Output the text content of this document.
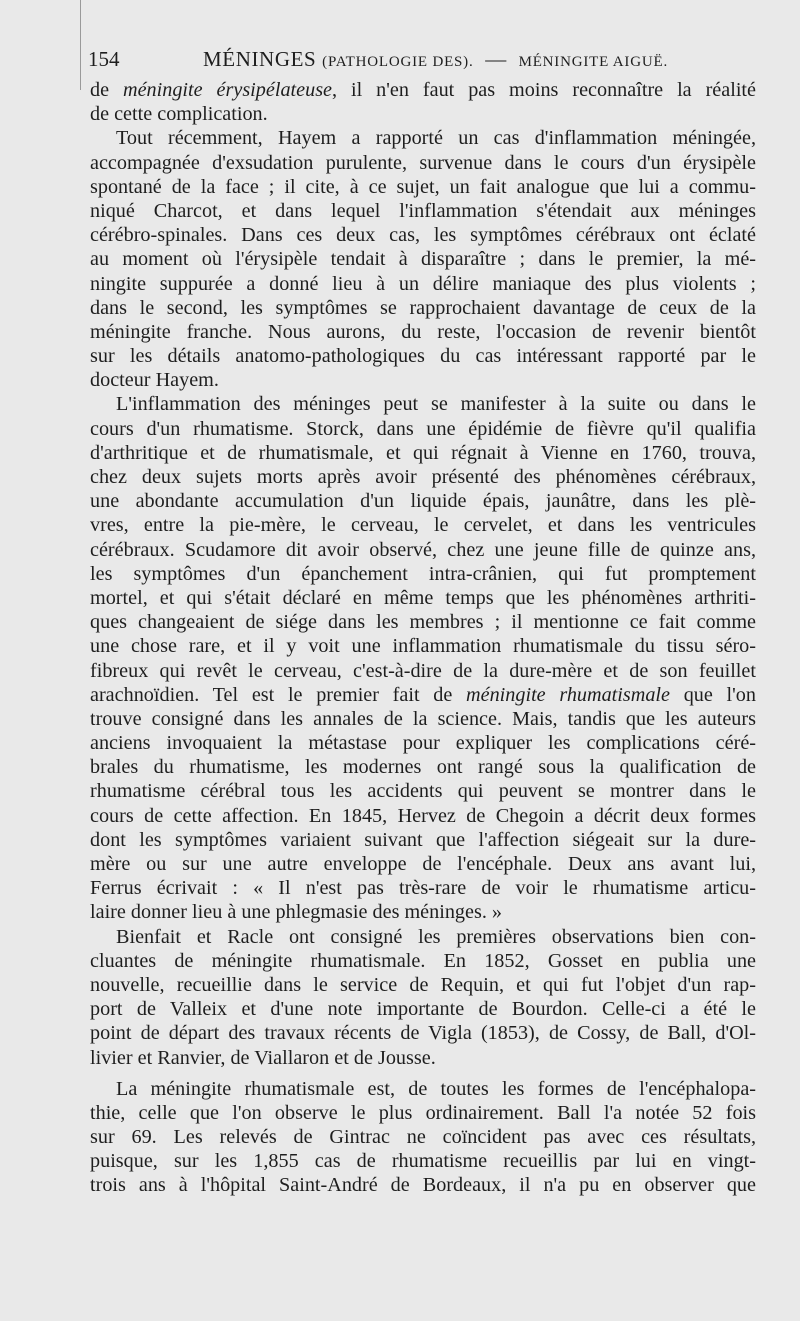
154	MÉNINGES (PATHOLOGIE DES). — MÉNINGITE AIGUË.
de méningite érysipélateuse, il n'en faut pas moins reconnaître la réalité
de cette complication.
Tout récemment, Hayem a rapporté un cas d'inflammation méningée,
accompagnée d'exsudation purulente, survenue dans le cours d'un érysipèle
spontané de la face ; il cite, à ce sujet, un fait analogue que lui a commu-
niqué Charcot, et dans lequel l'inflammation s'étendait aux méninges
cérébro-spinales. Dans ces deux cas, les symptômes cérébraux ont éclaté
au moment où l'érysipèle tendait à disparaître ; dans le premier, la mé-
ningite suppurée a donné lieu à un délire maniaque des plus violents ;
dans le second, les symptômes se rapprochaient davantage de ceux de la
méningite franche. Nous aurons, du reste, l'occasion de revenir bientôt
sur les détails anatomo-pathologiques du cas intéressant rapporté par le
docteur Hayem.
L'inflammation des méninges peut se manifester à la suite ou dans le
cours d'un rhumatisme. Storck, dans une épidémie de fièvre qu'il qualifia
d'arthritique et de rhumatismale, et qui régnait à Vienne en 1760, trouva,
chez deux sujets morts après avoir présenté des phénomènes cérébraux,
une abondante accumulation d'un liquide épais, jaunâtre, dans les plè-
vres, entre la pie-mère, le cerveau, le cervelet, et dans les ventricules
cérébraux. Scudamore dit avoir observé, chez une jeune fille de quinze ans,
les symptômes d'un épanchement intra-crânien, qui fut promptement
mortel, et qui s'était déclaré en même temps que les phénomènes arthriti-
ques changeaient de siége dans les membres ; il mentionne ce fait comme
une chose rare, et il y voit une inflammation rhumatismale du tissu séro-
fibreux qui revêt le cerveau, c'est-à-dire de la dure-mère et de son feuillet
arachnoïdien. Tel est le premier fait de méningite rhumatismale que l'on
trouve consigné dans les annales de la science. Mais, tandis que les auteurs
anciens invoquaient la métastase pour expliquer les complications céré-
brales du rhumatisme, les modernes ont rangé sous la qualification de
rhumatisme cérébral tous les accidents qui peuvent se montrer dans le
cours de cette affection. En 1845, Hervez de Chegoin a décrit deux formes
dont les symptômes variaient suivant que l'affection siégeait sur la dure-
mère ou sur une autre enveloppe de l'encéphale. Deux ans avant lui,
Ferrus écrivait : « Il n'est pas très-rare de voir le rhumatisme articu-
laire donner lieu à une phlegmasie des méninges. »
Bienfait et Racle ont consigné les premières observations bien con-
cluantes de méningite rhumatismale. En 1852, Gosset en publia une
nouvelle, recueillie dans le service de Requin, et qui fut l'objet d'un rap-
port de Valleix et d'une note importante de Bourdon. Celle-ci a été le
point de départ des travaux récents de Vigla (1853), de Cossy, de Ball, d'Ol-
livier et Ranvier, de Viallaron et de Jousse.
La méningite rhumatismale est, de toutes les formes de l'encéphalopa-
thie, celle que l'on observe le plus ordinairement. Ball l'a notée 52 fois
sur 69. Les relevés de Gintrac ne coïncident pas avec ces résultats,
puisque, sur les 1,855 cas de rhumatisme recueillis par lui en vingt-
trois ans à l'hôpital Saint-André de Bordeaux, il n'a pu en observer que
